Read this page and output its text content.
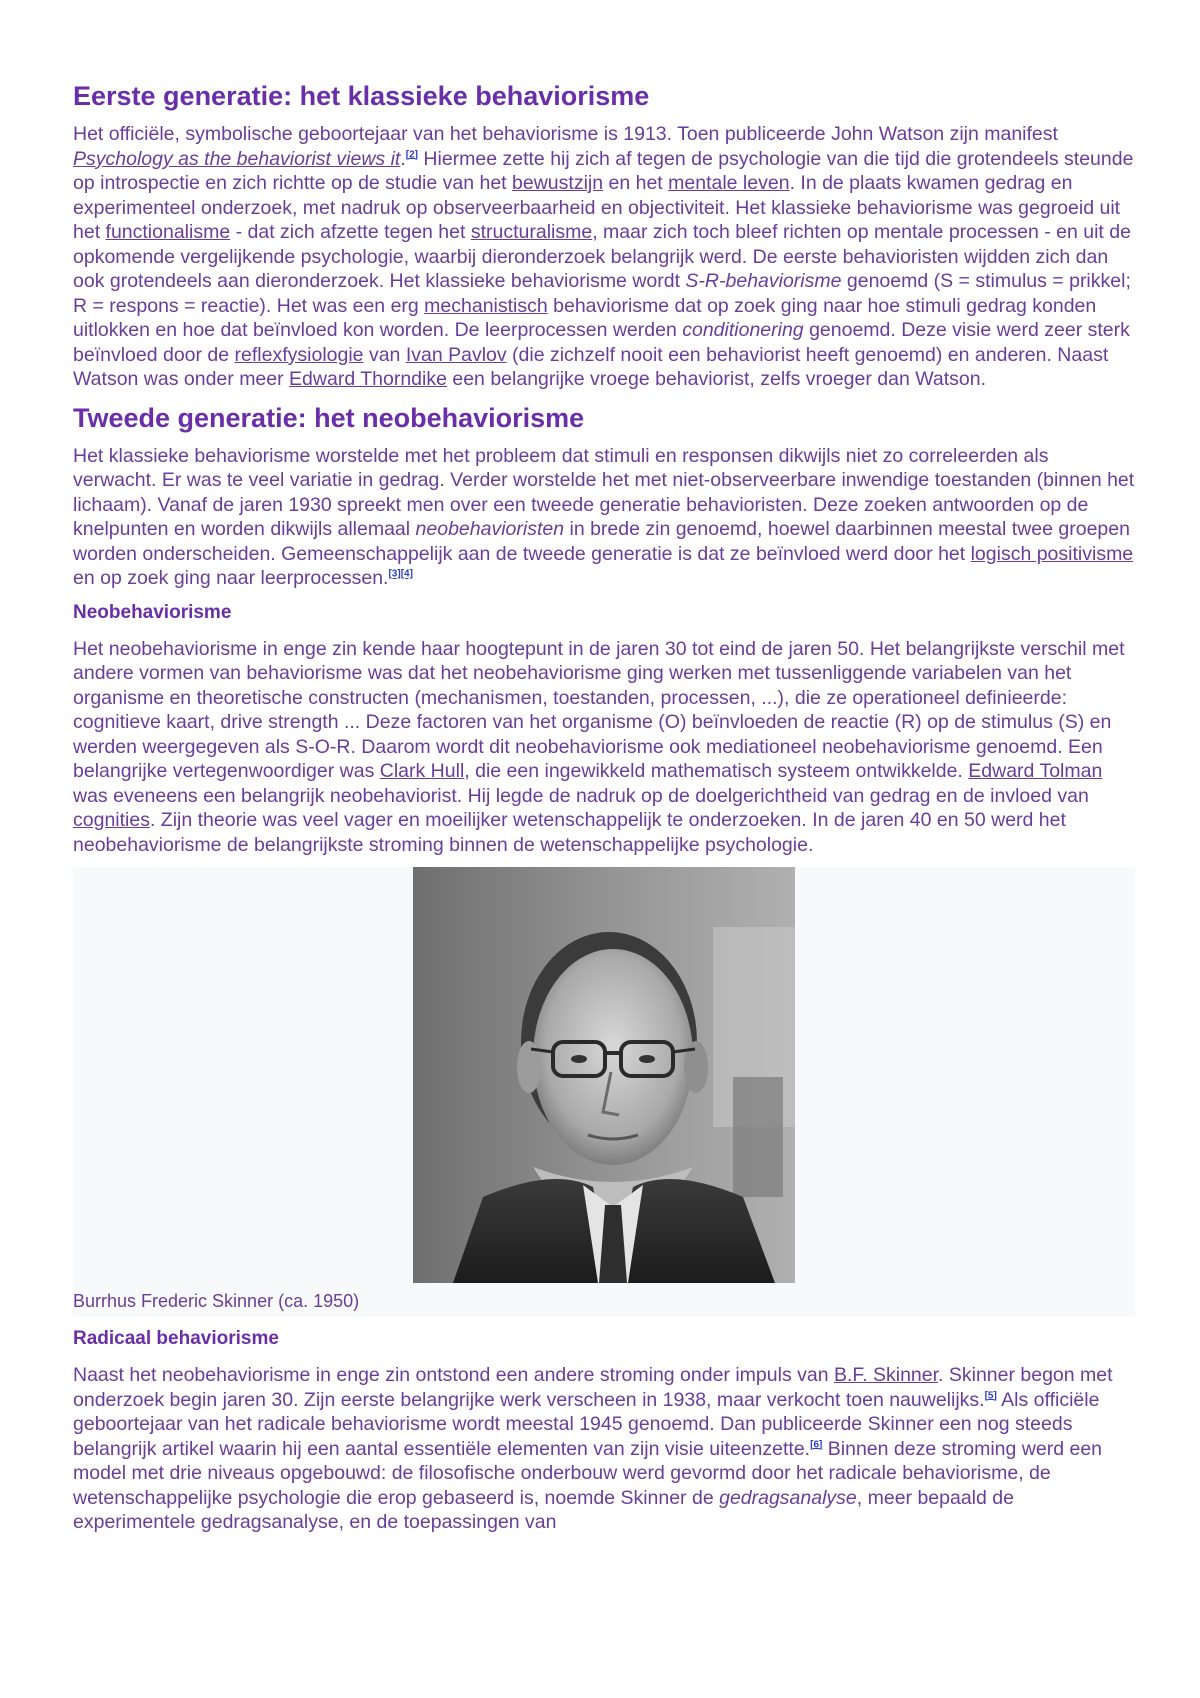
Eerste generatie: het klassieke behaviorisme

Het officiële, symbolische geboortejaar van het behaviorisme is 1913. Toen publiceerde John Watson zijn manifest Psychology as the behaviorist views it.[2] Hiermee zette hij zich af tegen de psychologie van die tijd die grotendeels steunde op introspectie en zich richtte op de studie van het bewustzijn en het mentale leven. In de plaats kwamen gedrag en experimenteel onderzoek, met nadruk op observeerbaarheid en objectiviteit. Het klassieke behaviorisme was gegroeid uit het functionalisme - dat zich afzette tegen het structuralisme, maar zich toch bleef richten op mentale processen - en uit de opkomende vergelijkende psychologie, waarbij dieronderzoek belangrijk werd. De eerste behavioristen wijdden zich dan ook grotendeels aan dieronderzoek. Het klassieke behaviorisme wordt S-R-behaviorisme genoemd (S = stimulus = prikkel; R = respons = reactie). Het was een erg mechanistisch behaviorisme dat op zoek ging naar hoe stimuli gedrag konden uitlokken en hoe dat beïnvloed kon worden. De leerprocessen werden conditionering genoemd. Deze visie werd zeer sterk beïnvloed door de reflexfysiologie van Ivan Pavlov (die zichzelf nooit een behaviorist heeft genoemd) en anderen. Naast Watson was onder meer Edward Thorndike een belangrijke vroege behaviorist, zelfs vroeger dan Watson.

Tweede generatie: het neobehaviorisme

Het klassieke behaviorisme worstelde met het probleem dat stimuli en responsen dikwijls niet zo correleerden als verwacht. Er was te veel variatie in gedrag. Verder worstelde het met niet-observeerbare inwendige toestanden (binnen het lichaam). Vanaf de jaren 1930 spreekt men over een tweede generatie behavioristen. Deze zoeken antwoorden op de knelpunten en worden dikwijls allemaal neobehavioristen in brede zin genoemd, hoewel daarbinnen meestal twee groepen worden onderscheiden. Gemeenschappelijk aan de tweede generatie is dat ze beïnvloed werd door het logisch positivisme en op zoek ging naar leerprocessen.[3][4]

Neobehaviorisme

Het neobehaviorisme in enge zin kende haar hoogtepunt in de jaren 30 tot eind de jaren 50. Het belangrijkste verschil met andere vormen van behaviorisme was dat het neobehaviorisme ging werken met tussenliggende variabelen van het organisme en theoretische constructen (mechanismen, toestanden, processen, ...), die ze operationeel definieerde: cognitieve kaart, drive strength ... Deze factoren van het organisme (O) beïnvloeden de reactie (R) op de stimulus (S) en werden weergegeven als S-O-R. Daarom wordt dit neobehaviorisme ook mediationeel neobehaviorisme genoemd. Een belangrijke vertegenwoordiger was Clark Hull, die een ingewikkeld mathematisch systeem ontwikkelde. Edward Tolman was eveneens een belangrijk neobehaviorist. Hij legde de nadruk op de doelgerichtheid van gedrag en de invloed van cognities. Zijn theorie was veel vager en moeilijker wetenschappelijk te onderzoeken. In de jaren 40 en 50 werd het neobehaviorisme de belangrijkste stroming binnen de wetenschappelijke psychologie.

Burrhus Frederic Skinner (ca. 1950)
Radicaal behaviorisme

Naast het neobehaviorisme in enge zin ontstond een andere stroming onder impuls van B.F. Skinner. Skinner begon met onderzoek begin jaren 30. Zijn eerste belangrijke werk verscheen in 1938, maar verkocht toen nauwelijks.[5] Als officiële geboortejaar van het radicale behaviorisme wordt meestal 1945 genoemd. Dan publiceerde Skinner een nog steeds belangrijk artikel waarin hij een aantal essentiële elementen van zijn visie uiteenzette.[6] Binnen deze stroming werd een model met drie niveaus opgebouwd: de filosofische onderbouw werd gevormd door het radicale behaviorisme, de wetenschappelijke psychologie die erop gebaseerd is, noemde Skinner de gedragsanalyse, meer bepaald de experimentele gedragsanalyse, en de toepassingen van
